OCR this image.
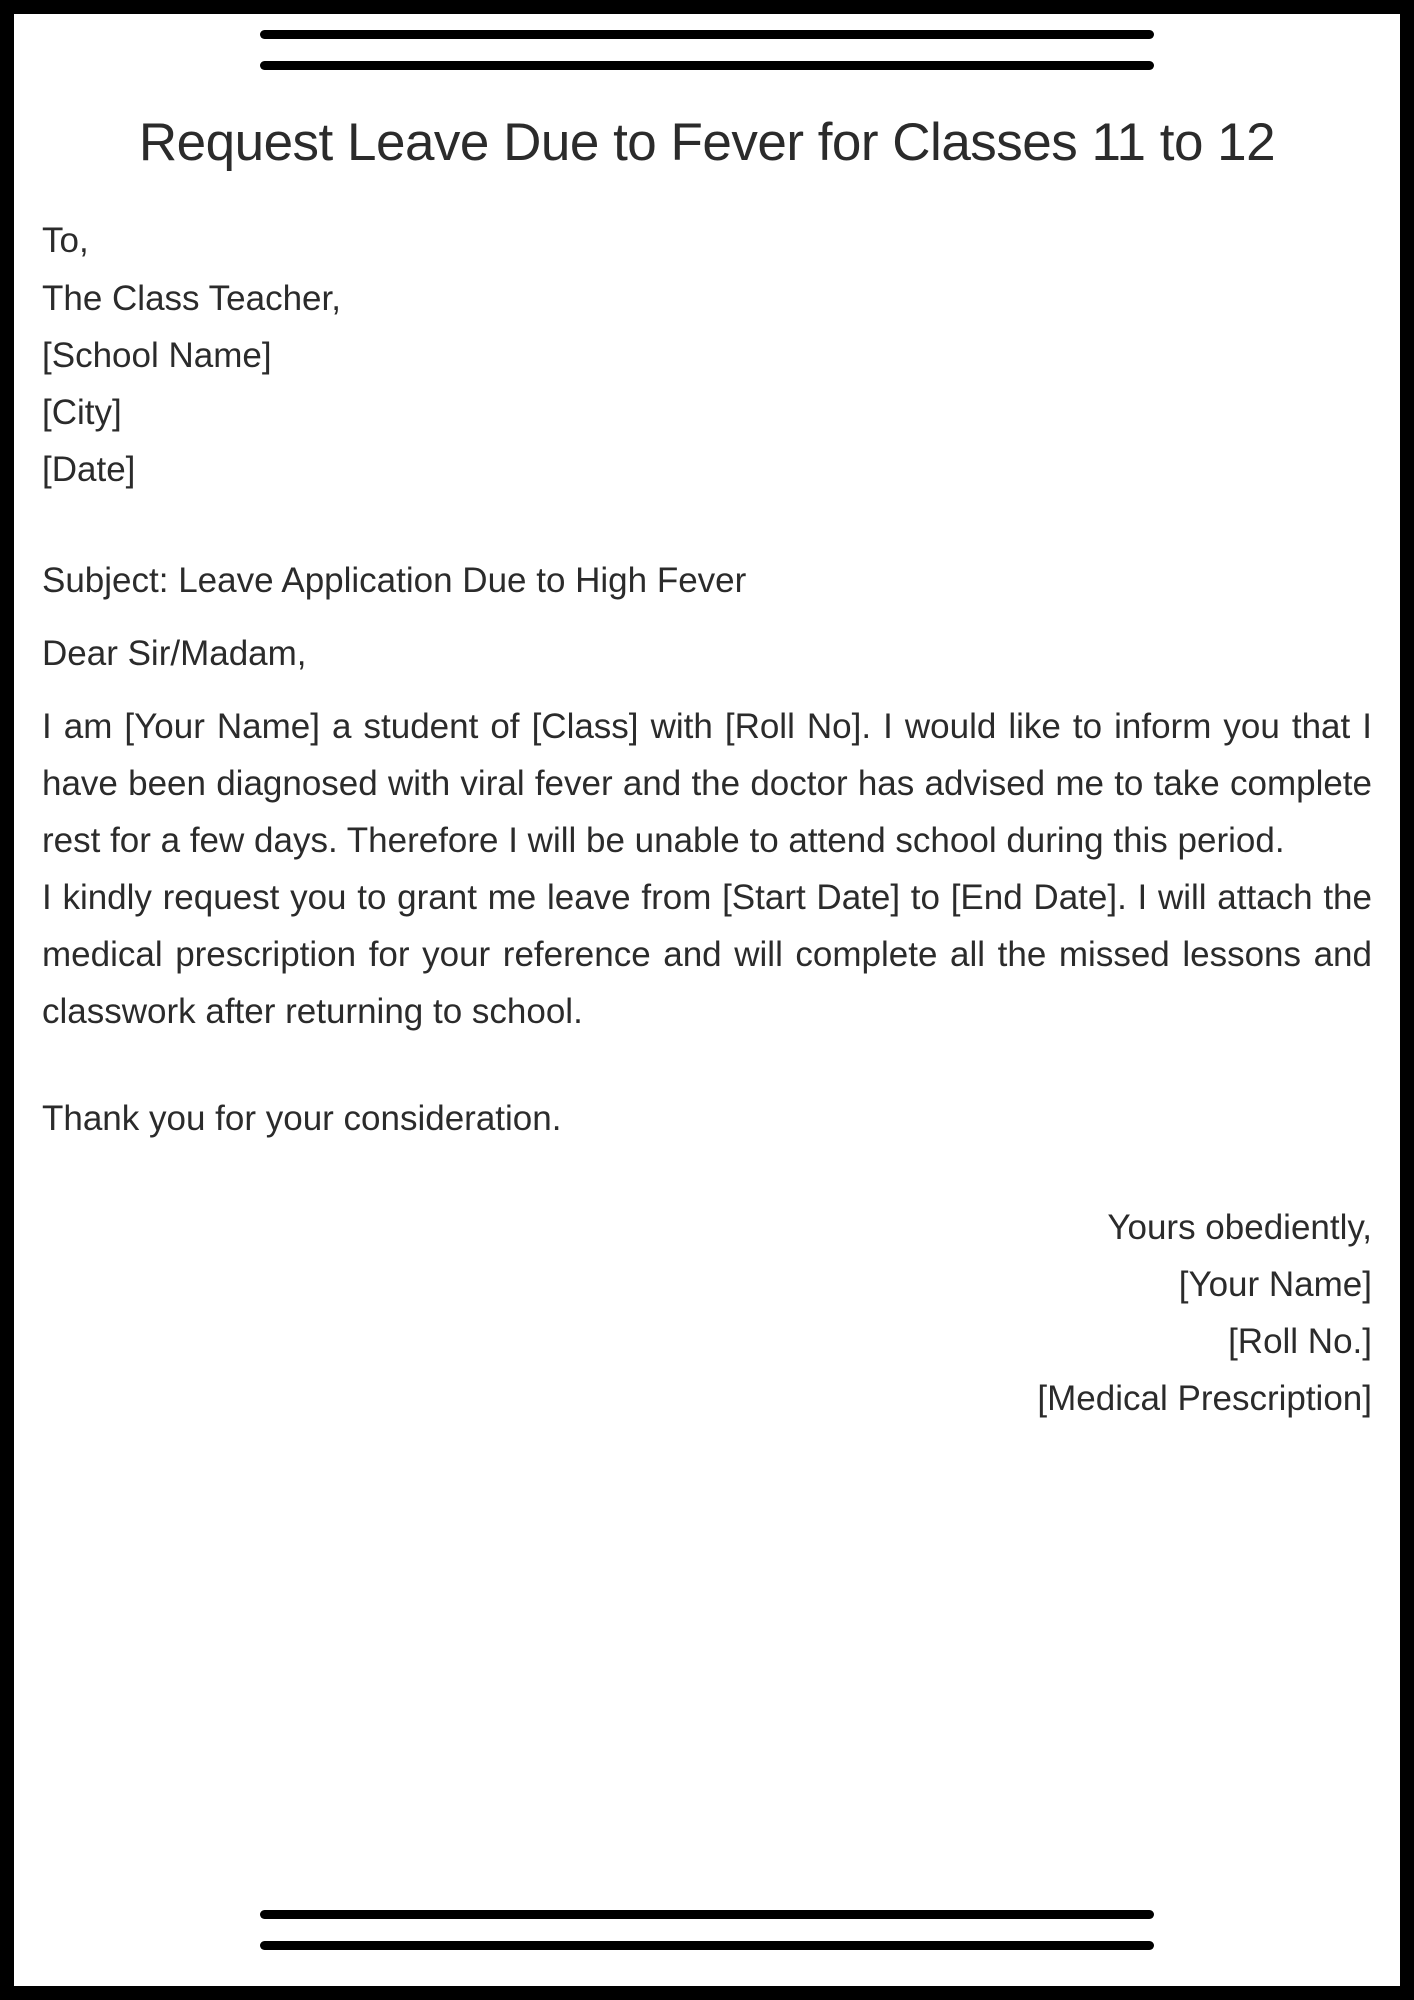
Request Leave Due to Fever for Classes 11 to 12
To,
The Class Teacher,
[School Name]
[City]
[Date]
Subject: Leave Application Due to High Fever
Dear Sir/Madam,
I am [Your Name] a student of [Class] with [Roll No]. I would like to inform you that I have been diagnosed with viral fever and the doctor has advised me to take complete rest for a few days. Therefore I will be unable to attend school during this period.
I kindly request you to grant me leave from [Start Date] to [End Date]. I will attach the medical prescription for your reference and will complete all the missed lessons and classwork after returning to school.
Thank you for your consideration.
Yours obediently,
[Your Name]
[Roll No.]
[Medical Prescription]
